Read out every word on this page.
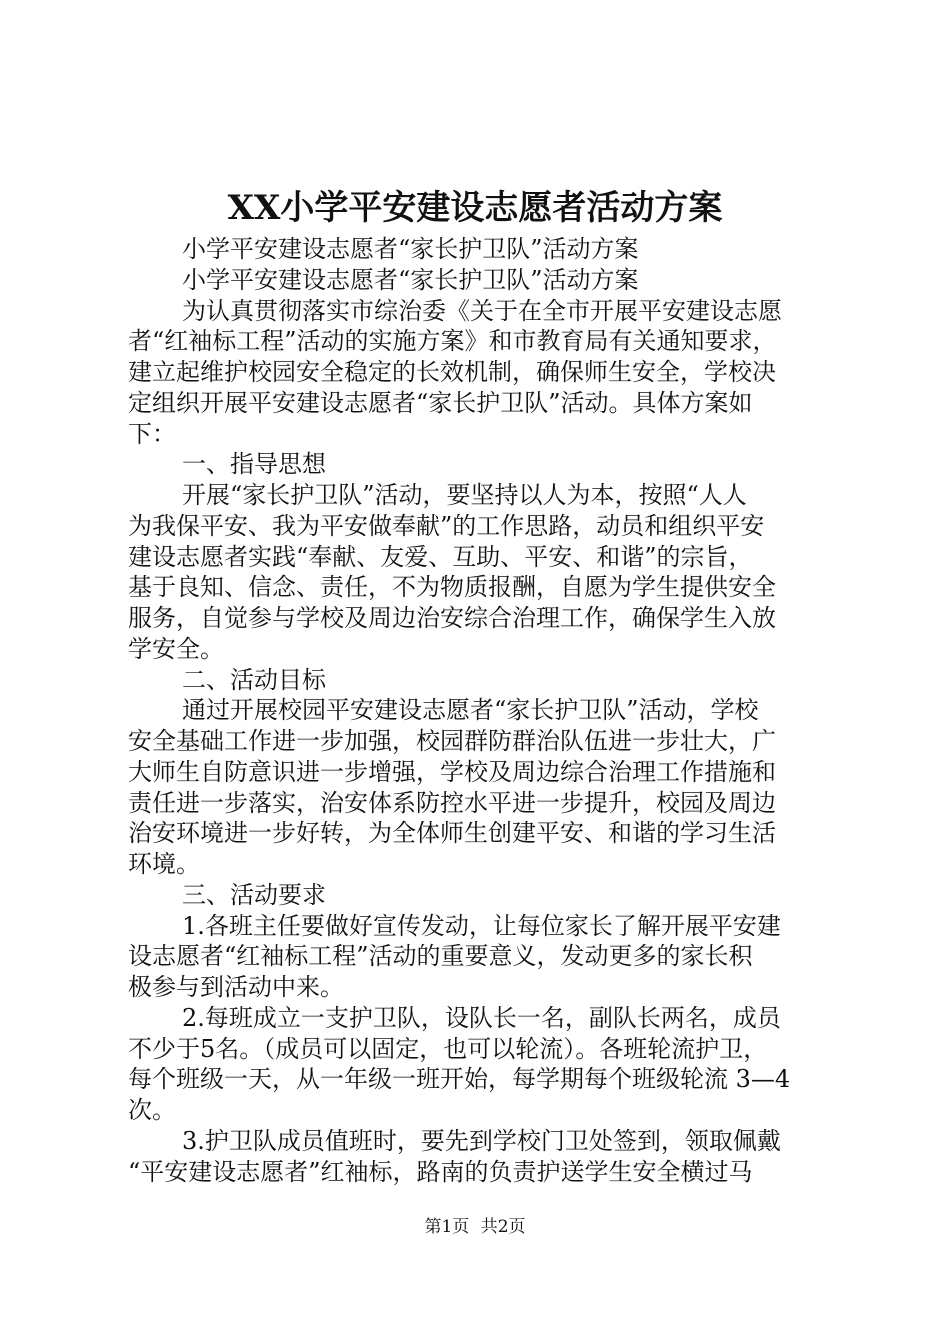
XX小学平安建设志愿者活动方案
小学平安建设志愿者“家长护卫队”活动方案
小学平安建设志愿者“家长护卫队”活动方案
为认真贯彻落实市综治委《关于在全市开展平安建设志愿
者“红袖标工程”活动的实施方案》和市教育局有关通知要求，
建立起维护校园安全稳定的长效机制，确保师生安全，学校决
定组织开展平安建设志愿者“家长护卫队”活动。具体方案如
下：
一、指导思想
开展“家长护卫队”活动，要坚持以人为本，按照“人人
为我保平安、我为平安做奉献”的工作思路，动员和组织平安
建设志愿者实践“奉献、友爱、互助、平安、和谐”的宗旨，
基于良知、信念、责任，不为物质报酬，自愿为学生提供安全
服务，自觉参与学校及周边治安综合治理工作，确保学生入放
学安全。
二、活动目标
通过开展校园平安建设志愿者“家长护卫队”活动，学校
安全基础工作进一步加强，校园群防群治队伍进一步壮大，广
大师生自防意识进一步增强，学校及周边综合治理工作措施和
责任进一步落实，治安体系防控水平进一步提升，校园及周边
治安环境进一步好转，为全体师生创建平安、和谐的学习生活
环境。
三、活动要求
1.各班主任要做好宣传发动，让每位家长了解开展平安建
设志愿者“红袖标工程”活动的重要意义，发动更多的家长积
极参与到活动中来。
2.每班成立一支护卫队，设队长一名，副队长两名，成员
不少于5名。（成员可以固定，也可以轮流）。各班轮流护卫，
每个班级一天，从一年级一班开始，每学期每个班级轮流 3—4
次。
3.护卫队成员值班时，要先到学校门卫处签到，领取佩戴
“平安建设志愿者”红袖标，路南的负责护送学生安全横过马
第1页 共2页
